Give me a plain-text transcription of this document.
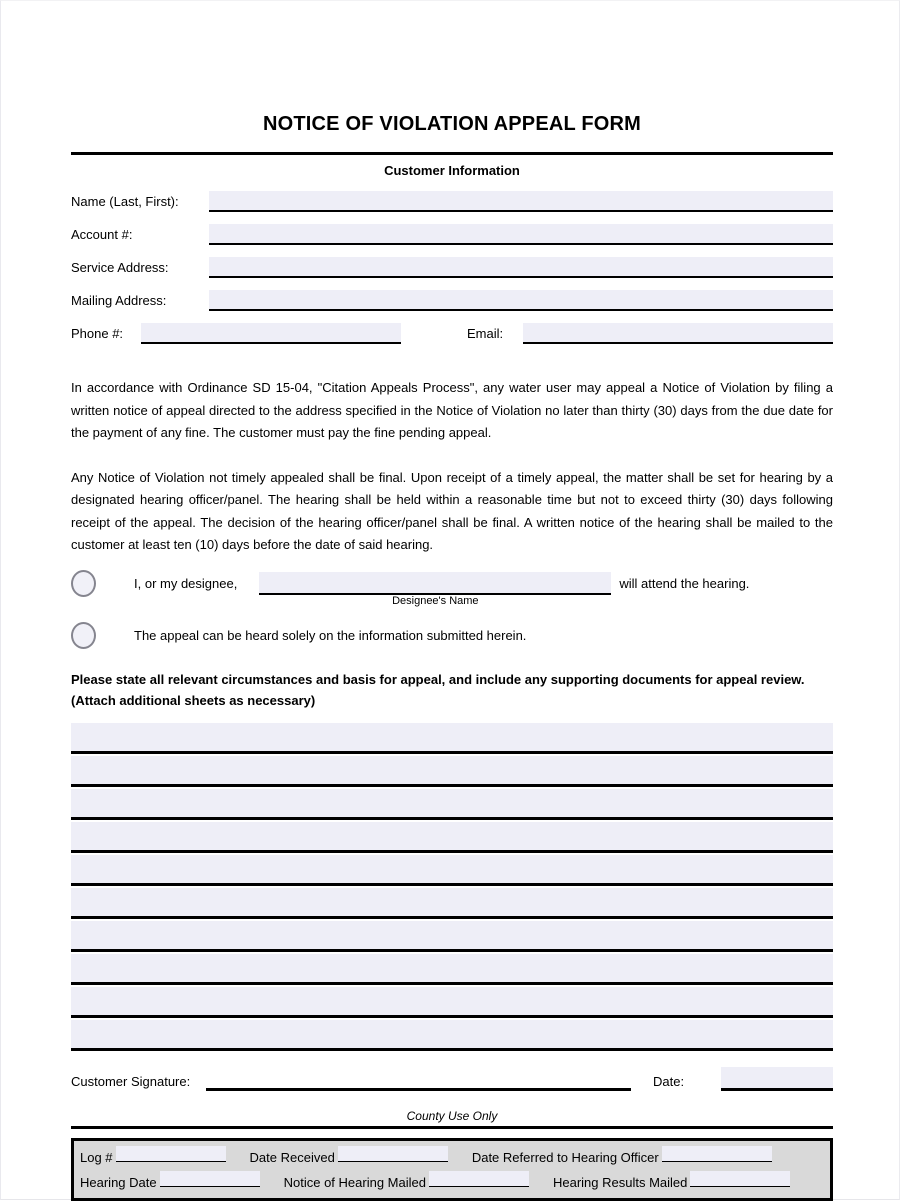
NOTICE OF VIOLATION APPEAL FORM
Customer Information
Name (Last, First):
Account #:
Service Address:
Mailing Address:
Phone #:	Email:

In accordance with Ordinance SD 15-04, "Citation Appeals Process", any water user may appeal a Notice of Violation by filing a written notice of appeal directed to the address specified in the Notice of Violation no later than thirty (30) days from the due date for the payment of any fine. The customer must pay the fine pending appeal.

Any Notice of Violation not timely appealed shall be final. Upon receipt of a timely appeal, the matter shall be set for hearing by a designated hearing officer/panel. The hearing shall be held within a reasonable time but not to exceed thirty (30) days following receipt of the appeal. The decision of the hearing officer/panel shall be final. A written notice of the hearing shall be mailed to the customer at least ten (10) days before the date of said hearing.

I, or my designee,
Designee's Name
will attend the hearing.
The appeal can be heard solely on the information submitted herein.
Please state all relevant circumstances and basis for appeal, and include any supporting documents for appeal review.
(Attach additional sheets as necessary)
Customer Signature:	Date:
County Use Only
Log #	Date Received	Date Referred to Hearing Officer
Hearing Date	Notice of Hearing Mailed	Hearing Results Mailed
